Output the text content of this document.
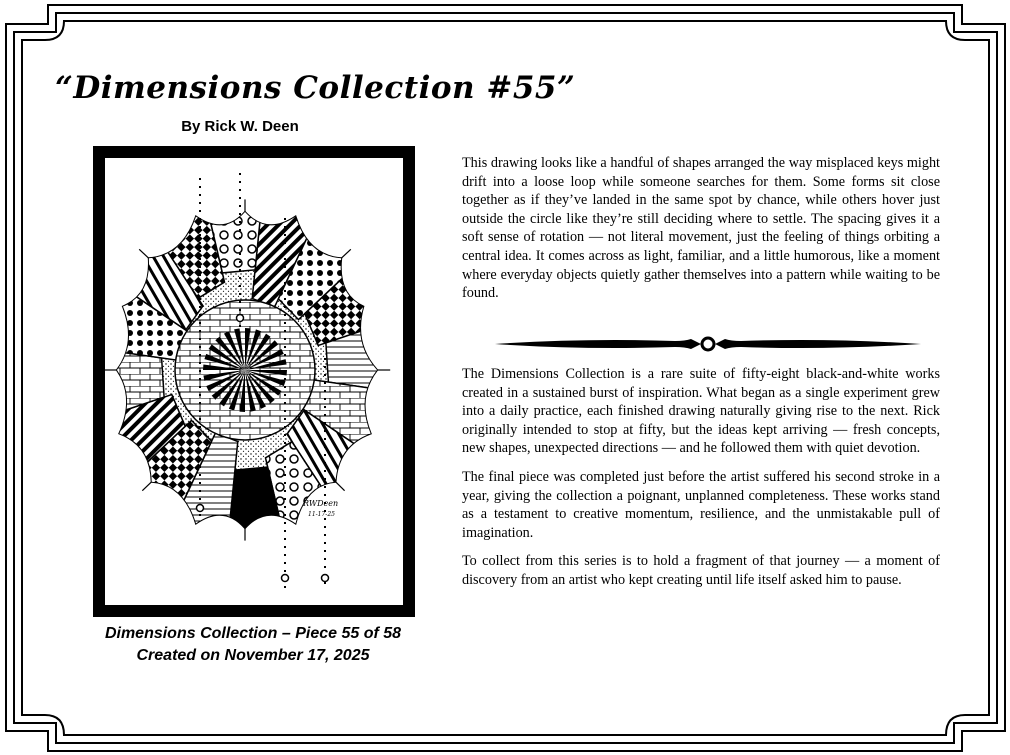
“Dimensions Collection #55”
By Rick W. Deen
RWDeen
11-17-25
Dimensions Collection – Piece 55 of 58
Created on November 17, 2025

This drawing looks like a handful of shapes arranged the way misplaced keys might drift into a loose loop while someone searches for them. Some forms sit close together as if they’ve landed in the same spot by chance, while others hover just outside the circle like they’re still deciding where to settle. The spacing gives it a soft sense of rotation — not literal movement, just the feeling of things orbiting a central idea. It comes across as light, familiar, and a little humorous, like a moment where everyday objects quietly gather themselves into a pattern while waiting to be found.

The Dimensions Collection is a rare suite of fifty-eight black-and-white works created in a sustained burst of inspiration. What began as a single experiment grew into a daily practice, each finished drawing naturally giving rise to the next. Rick originally intended to stop at fifty, but the ideas kept arriving — fresh concepts, new shapes, unexpected directions — and he followed them with quiet devotion.

The final piece was completed just before the artist suffered his second stroke in a year, giving the collection a poignant, unplanned completeness. These works stand as a testament to creative momentum, resilience, and the unmistakable pull of imagination.

To collect from this series is to hold a fragment of that journey — a moment of discovery from an artist who kept creating until life itself asked him to pause.
